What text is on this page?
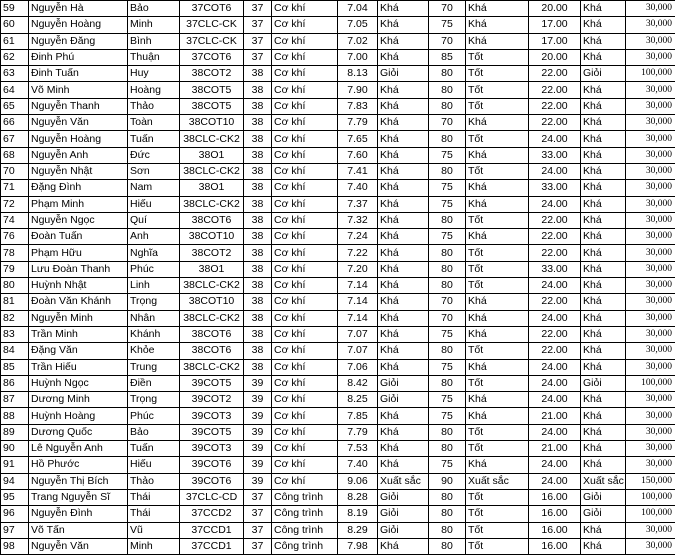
59	Nguyễn Hà	Bảo	37COT6	37	Cơ khí	7.04	Khá	70	Khá	20.00	Khá	30,000
60	Nguyễn Hoàng	Minh	37CLC-CK	37	Cơ khí	7.05	Khá	75	Khá	17.00	Khá	30,000
61	Nguyễn Đăng	Bình	37CLC-CK	37	Cơ khí	7.02	Khá	70	Khá	17.00	Khá	30,000
62	Đinh Phú	Thuận	37COT6	37	Cơ khí	7.00	Khá	85	Tốt	20.00	Khá	30,000
63	Đinh Tuấn	Huy	38COT2	38	Cơ khí	8.13	Giỏi	80	Tốt	22.00	Giỏi	100,000
64	Võ Minh	Hoàng	38COT5	38	Cơ khí	7.90	Khá	80	Tốt	22.00	Khá	30,000
65	Nguyễn Thanh	Thảo	38COT5	38	Cơ khí	7.83	Khá	80	Tốt	22.00	Khá	30,000
66	Nguyễn Văn	Toàn	38COT10	38	Cơ khí	7.79	Khá	70	Khá	22.00	Khá	30,000
67	Nguyễn Hoàng	Tuấn	38CLC-CK2	38	Cơ khí	7.65	Khá	80	Tốt	24.00	Khá	30,000
68	Nguyễn Anh	Đức	38O1	38	Cơ khí	7.60	Khá	75	Khá	33.00	Khá	30,000
70	Nguyễn Nhật	Sơn	38CLC-CK2	38	Cơ khí	7.41	Khá	80	Tốt	24.00	Khá	30,000
71	Đặng Đình	Nam	38O1	38	Cơ khí	7.40	Khá	75	Khá	33.00	Khá	30,000
72	Phạm Minh	Hiếu	38CLC-CK2	38	Cơ khí	7.37	Khá	75	Khá	24.00	Khá	30,000
74	Nguyễn Ngọc	Quí	38COT6	38	Cơ khí	7.32	Khá	80	Tốt	22.00	Khá	30,000
76	Đoàn Tuấn	Anh	38COT10	38	Cơ khí	7.24	Khá	75	Khá	22.00	Khá	30,000
78	Phạm Hữu	Nghĩa	38COT2	38	Cơ khí	7.22	Khá	80	Tốt	22.00	Khá	30,000
79	Lưu Đoàn Thanh	Phúc	38O1	38	Cơ khí	7.20	Khá	80	Tốt	33.00	Khá	30,000
80	Huỳnh Nhật	Linh	38CLC-CK2	38	Cơ khí	7.14	Khá	80	Tốt	24.00	Khá	30,000
81	Đoàn Văn Khánh	Trọng	38COT10	38	Cơ khí	7.14	Khá	70	Khá	22.00	Khá	30,000
82	Nguyễn Minh	Nhân	38CLC-CK2	38	Cơ khí	7.14	Khá	70	Khá	24.00	Khá	30,000
83	Trần Minh	Khánh	38COT6	38	Cơ khí	7.07	Khá	75	Khá	22.00	Khá	30,000
84	Đặng Văn	Khỏe	38COT6	38	Cơ khí	7.07	Khá	80	Tốt	22.00	Khá	30,000
85	Trần Hiếu	Trung	38CLC-CK2	38	Cơ khí	7.06	Khá	75	Khá	24.00	Khá	30,000
86	Huỳnh Ngọc	Điền	39COT5	39	Cơ khí	8.42	Giỏi	80	Tốt	24.00	Giỏi	100,000
87	Dương Minh	Trọng	39COT2	39	Cơ khí	8.25	Giỏi	75	Khá	24.00	Khá	30,000
88	Huỳnh Hoàng	Phúc	39COT3	39	Cơ khí	7.85	Khá	75	Khá	21.00	Khá	30,000
89	Dương Quốc	Bảo	39COT5	39	Cơ khí	7.79	Khá	80	Tốt	24.00	Khá	30,000
90	Lê Nguyễn Anh	Tuấn	39COT3	39	Cơ khí	7.53	Khá	80	Tốt	21.00	Khá	30,000
91	Hồ Phước	Hiếu	39COT6	39	Cơ khí	7.40	Khá	75	Khá	24.00	Khá	30,000
94	Nguyễn Thị Bích	Thảo	39COT6	39	Cơ khí	9.06	Xuất sắc	90	Xuất sắc	24.00	Xuất sắc	150,000
95	Trang Nguyễn Sĩ	Thái	37CLC-CD	37	Công trình	8.28	Giỏi	80	Tốt	16.00	Giỏi	100,000
96	Nguyễn Đình	Thái	37CCD2	37	Công trình	8.19	Giỏi	80	Tốt	16.00	Giỏi	100,000
97	Võ Tấn	Vũ	37CCD1	37	Công trình	8.29	Giỏi	80	Tốt	16.00	Khá	30,000
98	Nguyễn Văn	Minh	37CCD1	37	Công trình	7.98	Khá	80	Tốt	16.00	Khá	30,000
